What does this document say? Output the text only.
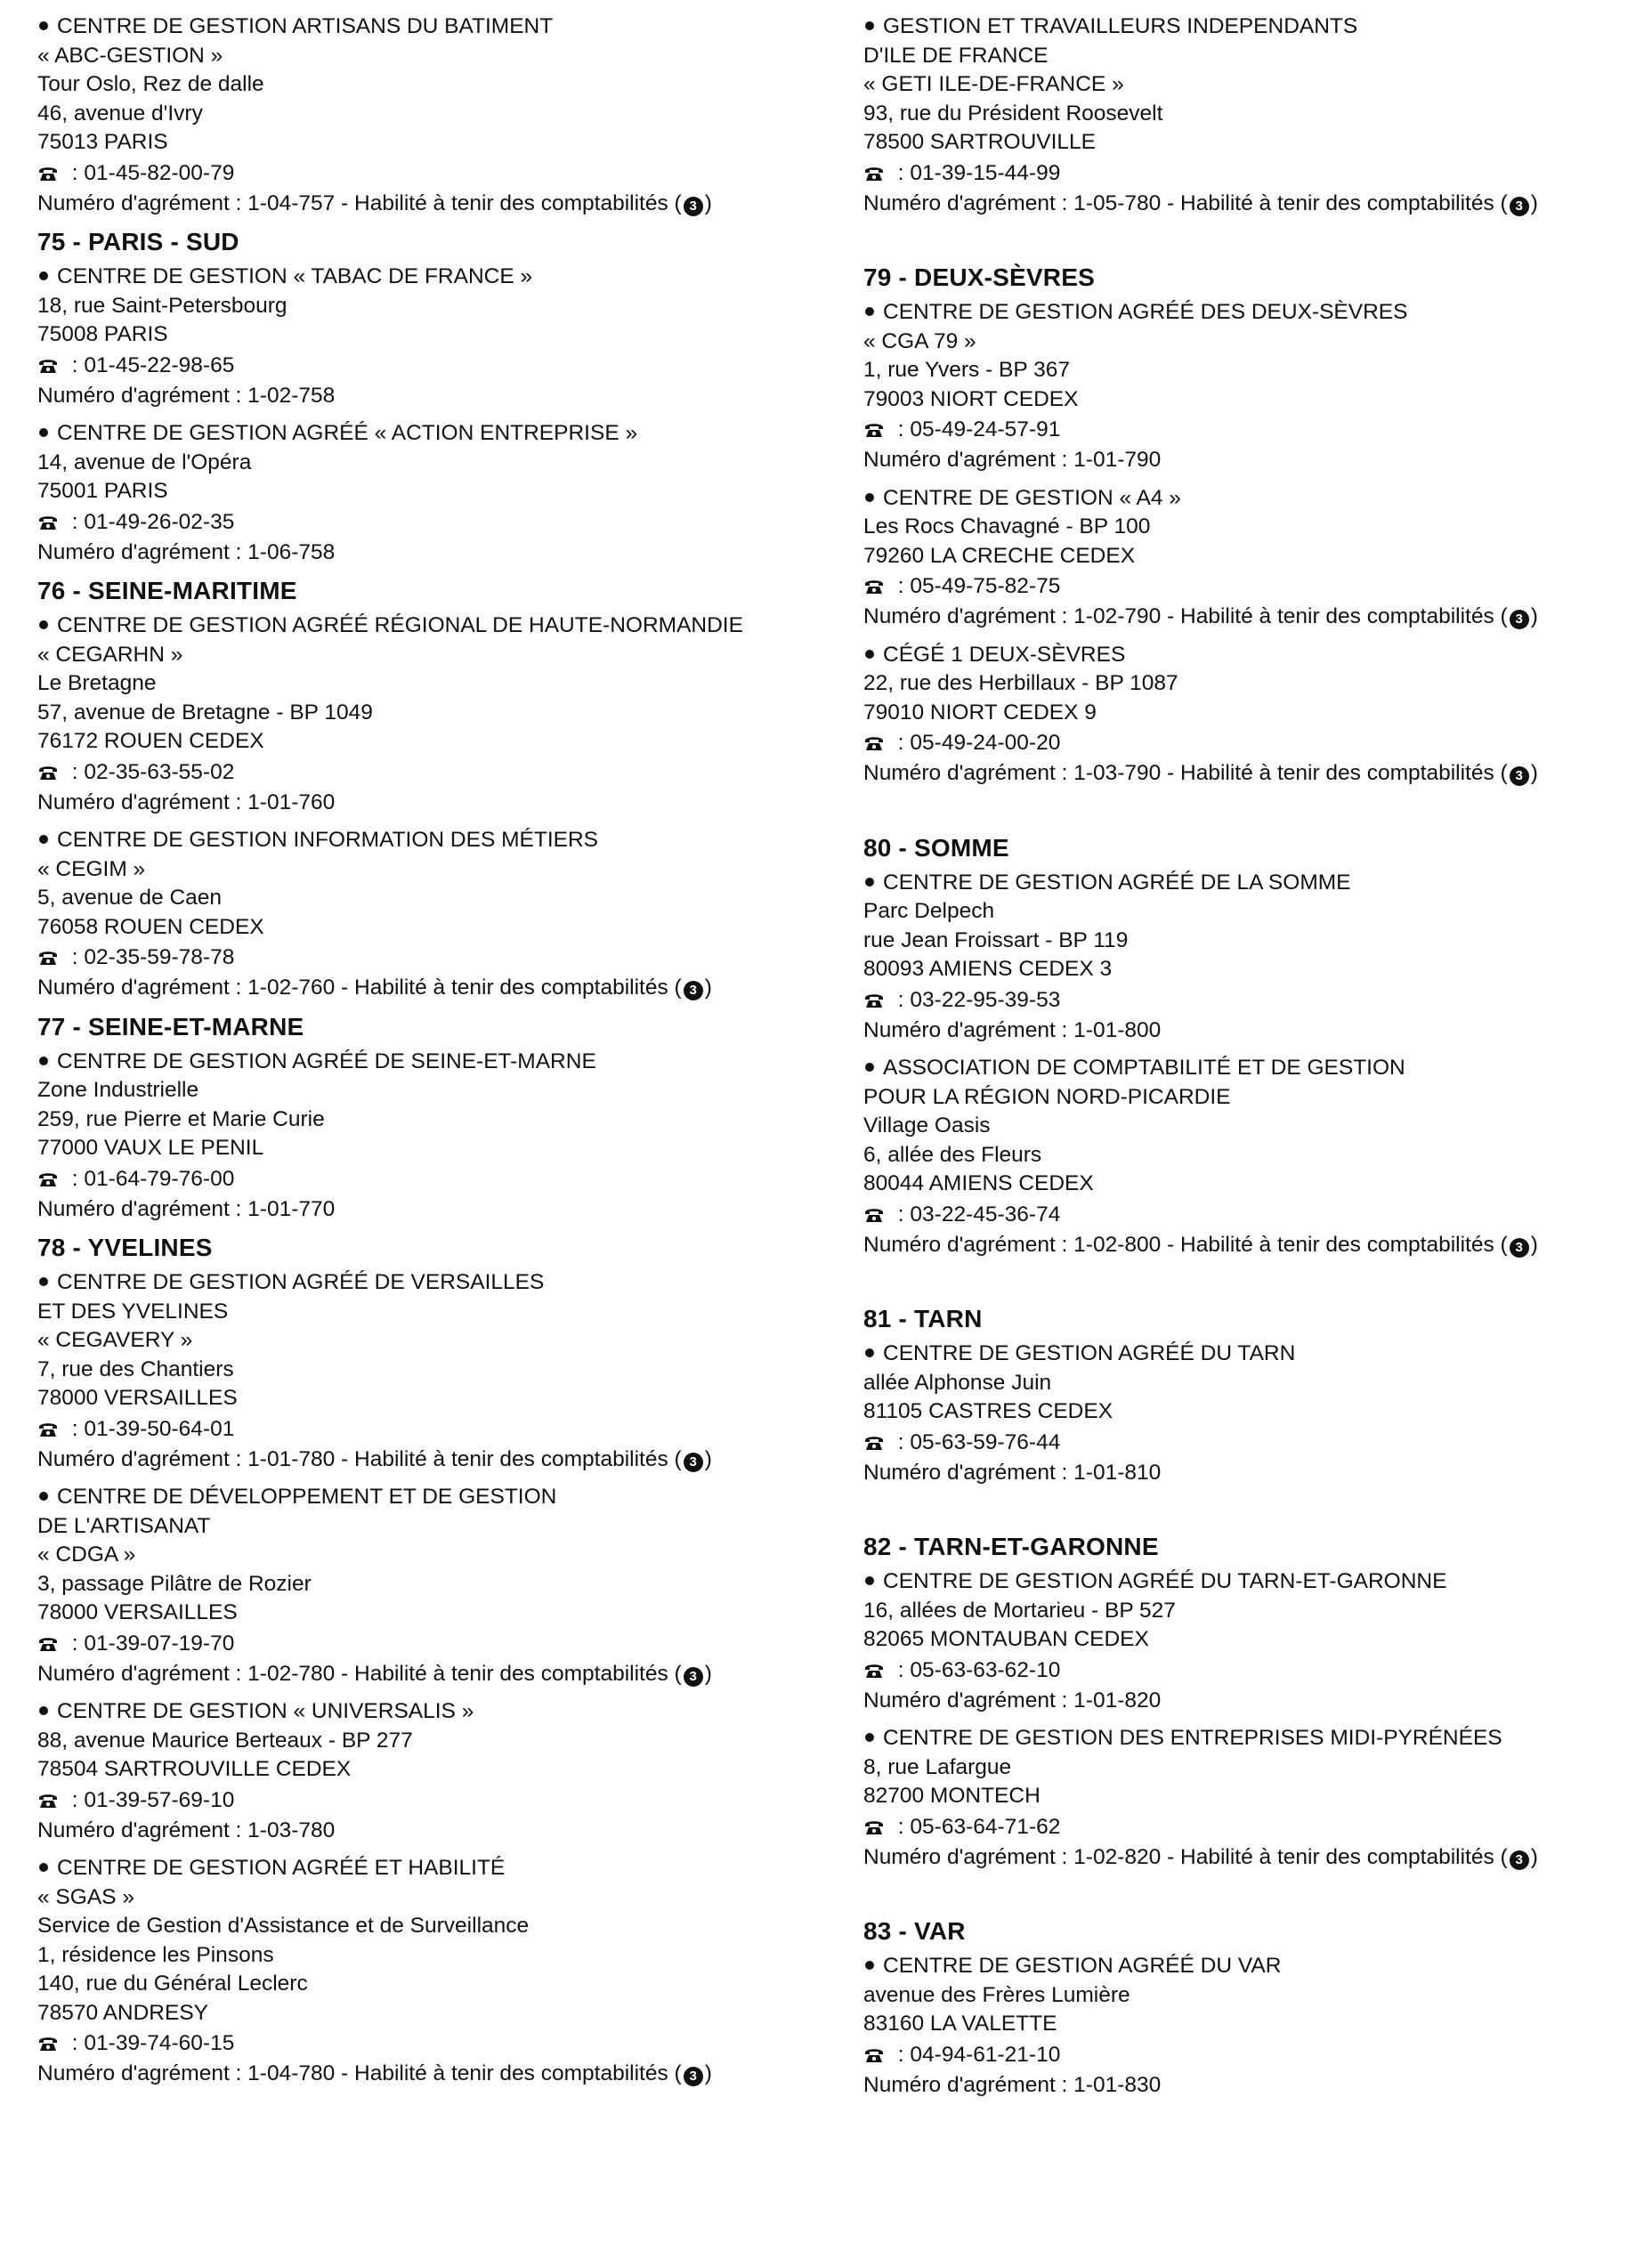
CENTRE DE GESTION ARTISANS DU BATIMENT
« ABC-GESTION »
Tour Oslo, Rez de dalle
46, avenue d'Ivry
75013 PARIS
: 01-45-82-00-79
Numéro d'agrément : 1-04-757 - Habilité à tenir des comptabilités ( 3 )
75 - PARIS - SUD
CENTRE DE GESTION « TABAC DE FRANCE »
18, rue Saint-Petersbourg
75008 PARIS
: 01-45-22-98-65
Numéro d'agrément : 1-02-758
CENTRE DE GESTION AGRÉÉ « ACTION ENTREPRISE »
14, avenue de l'Opéra
75001 PARIS
: 01-49-26-02-35
Numéro d'agrément : 1-06-758
76 - SEINE-MARITIME
CENTRE DE GESTION AGRÉÉ RÉGIONAL DE HAUTE-NORMANDIE
« CEGARHN »
Le Bretagne
57, avenue de Bretagne - BP 1049
76172 ROUEN CEDEX
: 02-35-63-55-02
Numéro d'agrément : 1-01-760
CENTRE DE GESTION INFORMATION DES MÉTIERS
« CEGIM »
5, avenue de Caen
76058 ROUEN CEDEX
: 02-35-59-78-78
Numéro d'agrément : 1-02-760 - Habilité à tenir des comptabilités ( 3 )
77 - SEINE-ET-MARNE
CENTRE DE GESTION AGRÉÉ DE SEINE-ET-MARNE
Zone Industrielle
259, rue Pierre et Marie Curie
77000 VAUX LE PENIL
: 01-64-79-76-00
Numéro d'agrément : 1-01-770
78 - YVELINES
CENTRE DE GESTION AGRÉÉ DE VERSAILLES
ET DES YVELINES
« CEGAVERY »
7, rue des Chantiers
78000 VERSAILLES
: 01-39-50-64-01
Numéro d'agrément : 1-01-780 - Habilité à tenir des comptabilités ( 3 )
CENTRE DE DÉVELOPPEMENT ET DE GESTION
DE L'ARTISANAT
« CDGA »
3, passage Pilâtre de Rozier
78000 VERSAILLES
: 01-39-07-19-70
Numéro d'agrément : 1-02-780 - Habilité à tenir des comptabilités ( 3 )
CENTRE DE GESTION « UNIVERSALIS »
88, avenue Maurice Berteaux - BP 277
78504 SARTROUVILLE CEDEX
: 01-39-57-69-10
Numéro d'agrément : 1-03-780
CENTRE DE GESTION AGRÉÉ ET HABILITÉ
« SGAS »
Service de Gestion d'Assistance et de Surveillance
1, résidence les Pinsons
140, rue du Général Leclerc
78570 ANDRESY
: 01-39-74-60-15
Numéro d'agrément : 1-04-780 - Habilité à tenir des comptabilités ( 3 )
GESTION ET TRAVAILLEURS INDEPENDANTS
D'ILE DE FRANCE
« GETI ILE-DE-FRANCE »
93, rue du Président Roosevelt
78500 SARTROUVILLE
: 01-39-15-44-99
Numéro d'agrément : 1-05-780 - Habilité à tenir des comptabilités ( 3 )
79 - DEUX-SÈVRES
CENTRE DE GESTION AGRÉÉ DES DEUX-SÈVRES
« CGA 79 »
1, rue Yvers - BP 367
79003 NIORT CEDEX
: 05-49-24-57-91
Numéro d'agrément : 1-01-790
CENTRE DE GESTION « A4 »
Les Rocs Chavagné - BP 100
79260 LA CRECHE CEDEX
: 05-49-75-82-75
Numéro d'agrément : 1-02-790 - Habilité à tenir des comptabilités ( 3 )
CÉGÉ 1 DEUX-SÈVRES
22, rue des Herbillaux - BP 1087
79010 NIORT CEDEX 9
: 05-49-24-00-20
Numéro d'agrément : 1-03-790 - Habilité à tenir des comptabilités ( 3 )
80 - SOMME
CENTRE DE GESTION AGRÉÉ DE LA SOMME
Parc Delpech
rue Jean Froissart - BP 119
80093 AMIENS CEDEX 3
: 03-22-95-39-53
Numéro d'agrément : 1-01-800
ASSOCIATION DE COMPTABILITÉ ET DE GESTION
POUR LA RÉGION NORD-PICARDIE
Village Oasis
6, allée des Fleurs
80044 AMIENS CEDEX
: 03-22-45-36-74
Numéro d'agrément : 1-02-800 - Habilité à tenir des comptabilités ( 3 )
81 - TARN
CENTRE DE GESTION AGRÉÉ DU TARN
allée Alphonse Juin
81105 CASTRES CEDEX
: 05-63-59-76-44
Numéro d'agrément : 1-01-810
82 - TARN-ET-GARONNE
CENTRE DE GESTION AGRÉÉ DU TARN-ET-GARONNE
16, allées de Mortarieu - BP 527
82065 MONTAUBAN CEDEX
: 05-63-63-62-10
Numéro d'agrément : 1-01-820
CENTRE DE GESTION DES ENTREPRISES MIDI-PYRÉNÉES
8, rue Lafargue
82700 MONTECH
: 05-63-64-71-62
Numéro d'agrément : 1-02-820 - Habilité à tenir des comptabilités ( 3 )
83 - VAR
CENTRE DE GESTION AGRÉÉ DU VAR
avenue des Frères Lumière
83160 LA VALETTE
: 04-94-61-21-10
Numéro d'agrément : 1-01-830
